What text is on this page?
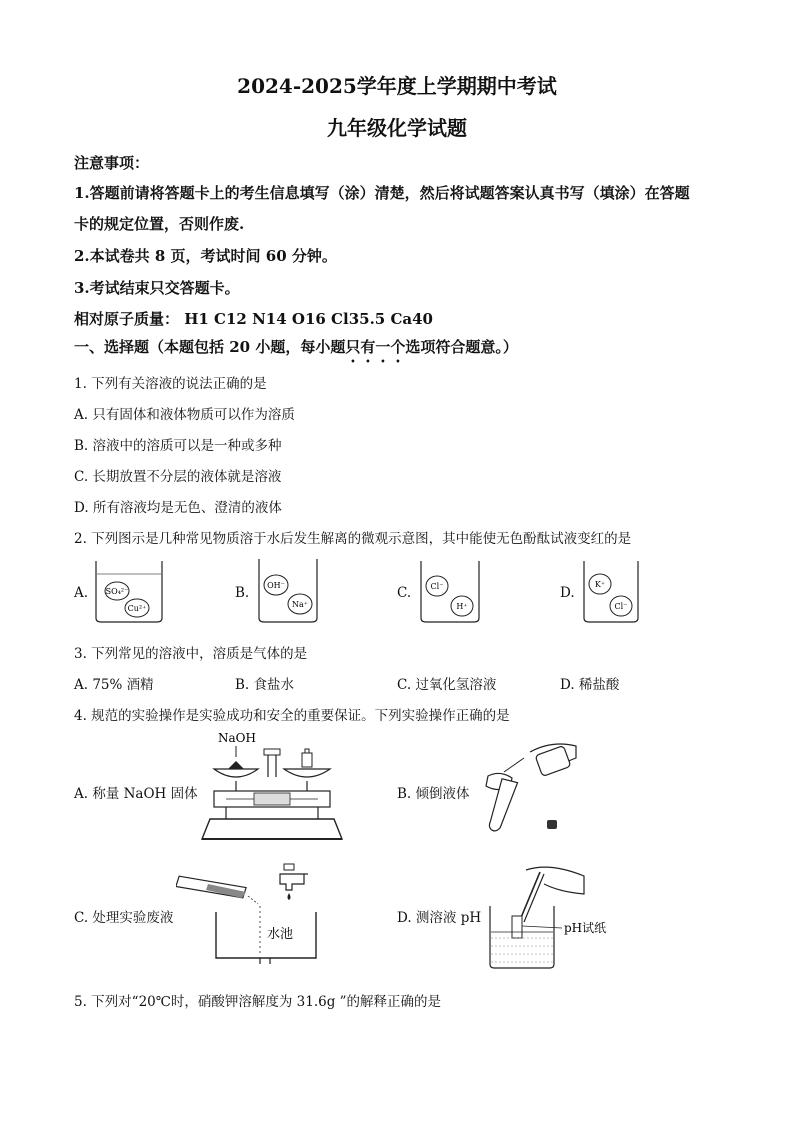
2024-2025学年度上学期期中考试
九年级化学试题
注意事项：
1.答题前请将答题卡上的考生信息填写（涂）清楚，然后将试题答案认真书写（填涂）在答题
卡的规定位置，否则作废.
2.本试卷共 8 页，考试时间 60 分钟。
3.考试结束只交答题卡。
相对原子质量： H1 C12 N14 O16 Cl35.5 Ca40
一、选择题（本题包括 20 小题，每小题只有一个选项符合题意。）
1. 下列有关溶液的说法正确的是
A. 只有固体和液体物质可以作为溶质
B. 溶液中的溶质可以是一种或多种
C. 长期放置不分层的液体就是溶液
D. 所有溶液均是无色、澄清的液体
2. 下列图示是几种常见物质溶于水后发生解离的微观示意图，其中能使无色酚酞试液变红的是
A. SO₄²⁻
Cu²⁺
B. OH⁻
Na⁺
C. Cl⁻
H⁺
D.
K⁺
Cl⁻
3. 下列常见的溶液中，溶质是气体的是
A. 75% 酒精	B. 食盐水	C. 过氧化氢溶液	D. 稀盐酸
4. 规范的实验操作是实验成功和安全的重要保证。下列实验操作正确的是
A. 称量 NaOH 固体
NaOH
B. 倾倒液体
C. 处理实验废液
水池
D. 测溶液 pH
pH试纸
5. 下列对“20℃时，硝酸钾溶解度为 31.6g ”的解释正确的是
